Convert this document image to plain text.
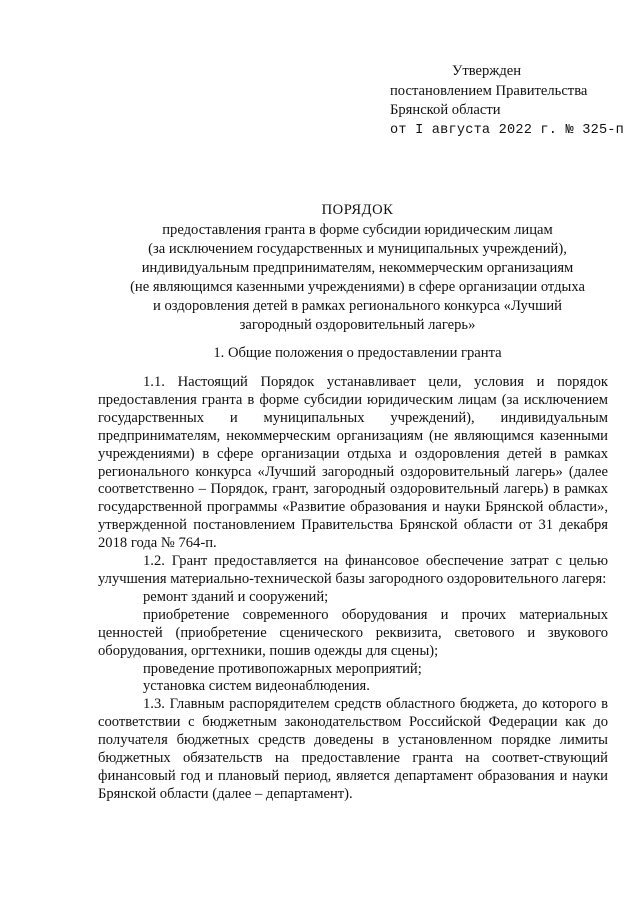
Утвержден
постановлением Правительства
Брянской области
от I августа 2022 г. № 325-п
ПОРЯДОК
предоставления гранта в форме субсидии юридическим лицам
(за исключением государственных и муниципальных учреждений),
индивидуальным предпринимателям, некоммерческим организациям
(не являющимся казенными учреждениями) в сфере организации отдыха
и оздоровления детей в рамках регионального конкурса «Лучший
загородный оздоровительный лагерь»
1. Общие положения о предоставлении гранта

1.1. Настоящий Порядок устанавливает цели, условия и порядок предоставления гранта в форме субсидии юридическим лицам (за исключением государственных и муниципальных учреждений), индивидуальным предпринимателям, некоммерческим организациям (не являющимся казенными учреждениями) в сфере организации отдыха и оздоровления детей в рамках регионального конкурса «Лучший загородный оздоровительный лагерь» (далее соответственно – Порядок, грант, загородный оздоровительный лагерь) в рамках государственной программы «Развитие образования и науки Брянской области», утвержденной постановлением Правительства Брянской области от 31 декабря 2018 года № 764-п.

1.2. Грант предоставляется на финансовое обеспечение затрат с целью улучшения материально-технической базы загородного оздоровительного лагеря:

ремонт зданий и сооружений;

приобретение современного оборудования и прочих материальных ценностей (приобретение сценического реквизита, светового и звукового оборудования, оргтехники, пошив одежды для сцены);

проведение противопожарных мероприятий;

установка систем видеонаблюдения.

1.3. Главным распорядителем средств областного бюджета, до которого в соответствии с бюджетным законодательством Российской Федерации как до получателя бюджетных средств доведены в установленном порядке лимиты бюджетных обязательств на предоставление гранта на соответ-ствующий финансовый год и плановый период, является департамент образования и науки Брянской области (далее – департамент).
